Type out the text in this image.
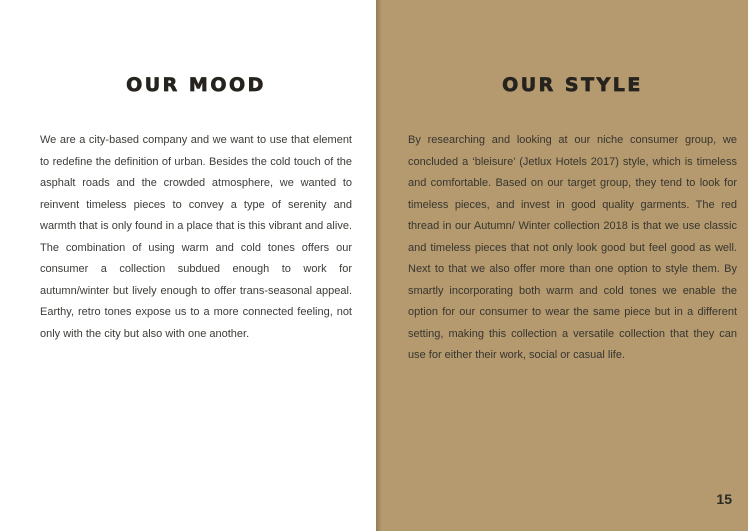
OUR MOOD

We are a city-based company and we want to use that element to redefine the definition of urban. Besides the cold touch of the asphalt roads and the crowded atmosphere, we wanted to reinvent timeless pieces to convey a type of serenity and warmth that is only found in a place that is this vibrant and alive. The combination of using warm and cold tones offers our consumer a collection subdued enough to work for autumn/winter but lively enough to offer trans-seasonal appeal. Earthy, retro tones expose us to a more connected feeling, not only with the city but also with one another.

OUR STYLE

By researching and looking at our niche consumer group, we concluded a ‘bleisure’ (Jetlux Hotels 2017) style, which is timeless and comfortable. Based on our target group, they tend to look for timeless pieces, and invest in good quality garments. The red thread in our Autumn/ Winter collection 2018 is that we use classic and timeless pieces that not only look good but feel good as well. Next to that we also offer more than one option to style them. By smartly incorporating both warm and cold tones we enable the option for our consumer to wear the same piece but in a different setting, making this collection a versatile collection that they can use for either their work, social or casual life.

15
